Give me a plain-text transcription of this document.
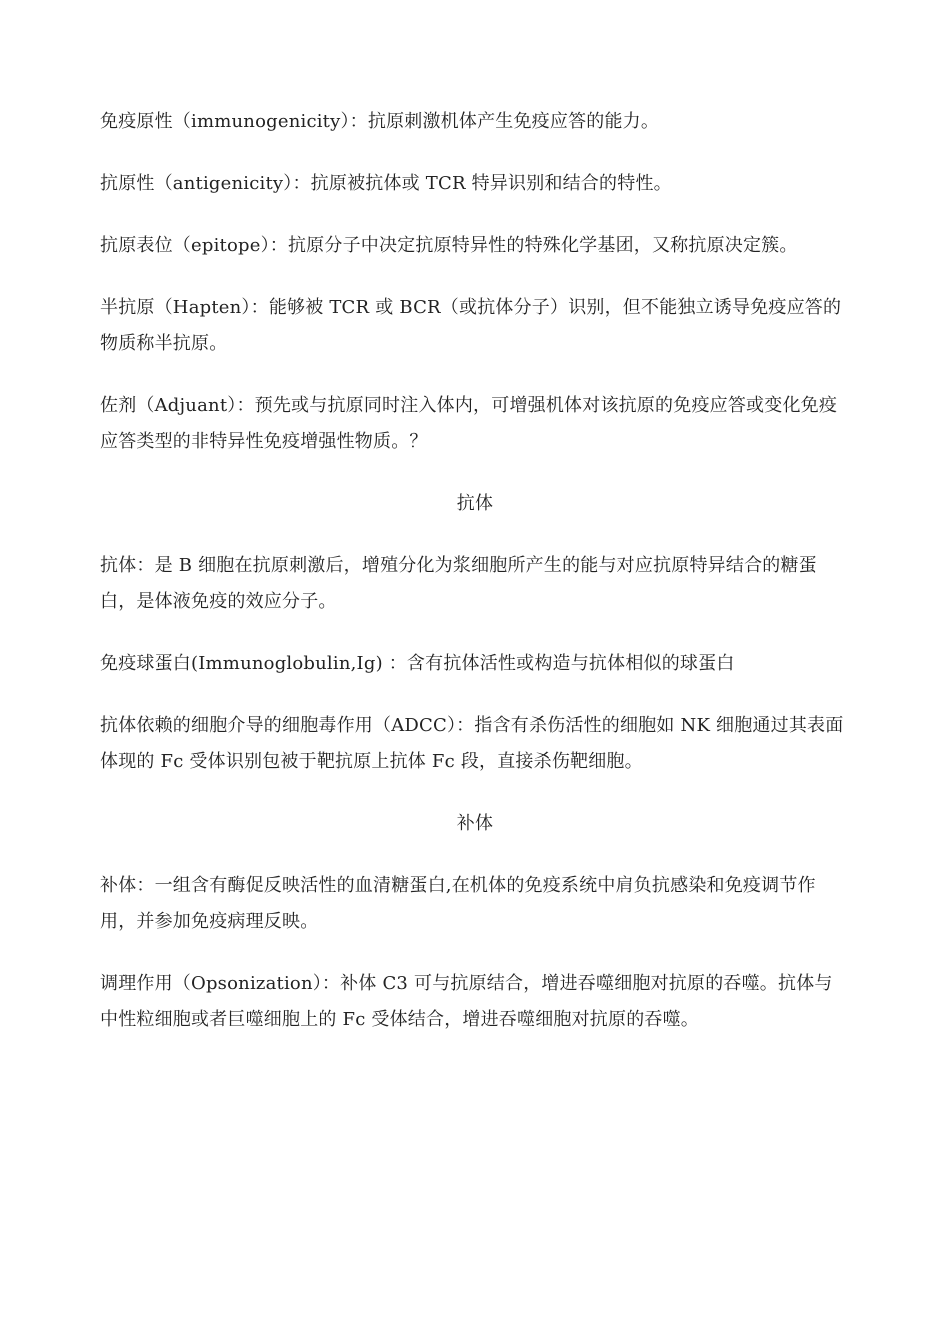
免疫原性（immunogenicity）：抗原刺激机体产生免疫应答的能力。

抗原性（antigenicity）：抗原被抗体或 TCR 特异识别和结合的特性。

抗原表位（epitope）：抗原分子中决定抗原特异性的特殊化学基团，又称抗原决定簇。

半抗原（Hapten）：能够被 TCR 或 BCR（或抗体分子）识别，但不能独立诱导免疫应答的物质称半抗原。

佐剂（Adjuant）：预先或与抗原同时注入体内，可增强机体对该抗原的免疫应答或变化免疫应答类型的非特异性免疫增强性物质。？

抗体

抗体：是 B 细胞在抗原刺激后，增殖分化为浆细胞所产生的能与对应抗原特异结合的糖蛋白，是体液免疫的效应分子。

免疫球蛋白(Immunoglobulin,Ig) ：含有抗体活性或构造与抗体相似的球蛋白

抗体依赖的细胞介导的细胞毒作用（ADCC）：指含有杀伤活性的细胞如 NK 细胞通过其表面体现的 Fc 受体识别包被于靶抗原上抗体 Fc 段，直接杀伤靶细胞。

补体

补体：一组含有酶促反映活性的血清糖蛋白,在机体的免疫系统中肩负抗感染和免疫调节作用，并参加免疫病理反映。

调理作用（Opsonization）：补体 C3 可与抗原结合，增进吞噬细胞对抗原的吞噬。抗体与中性粒细胞或者巨噬细胞上的 Fc 受体结合，增进吞噬细胞对抗原的吞噬。
